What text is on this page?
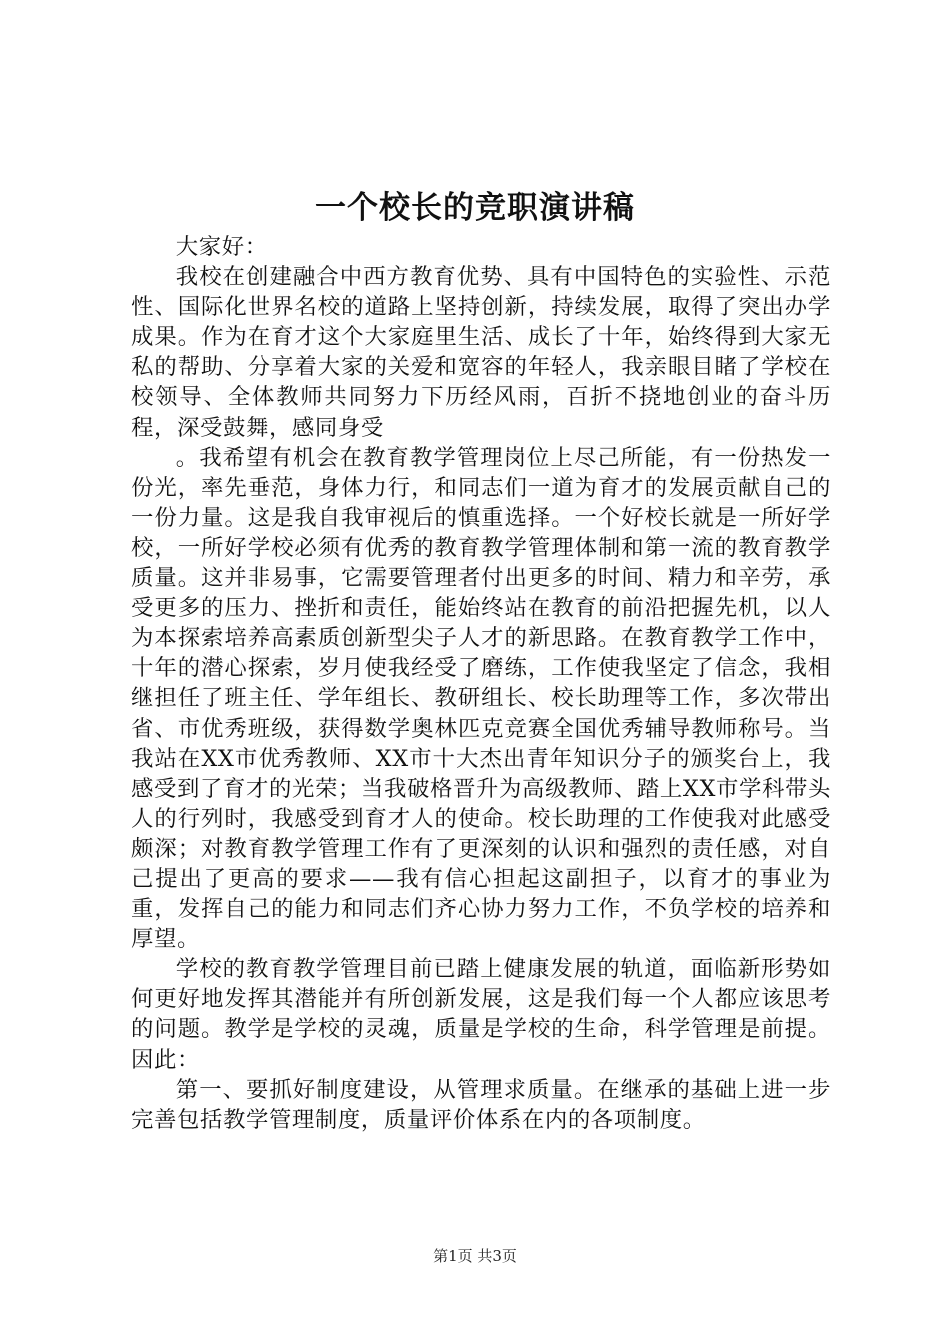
一个校长的竞职演讲稿

大家好：

我校在创建融合中西方教育优势、具有中国特色的实验性、示范性、国际化世界名校的道路上坚持创新，持续发展，取得了突出办学成果。作为在育才这个大家庭里生活、成长了十年，始终得到大家无私的帮助、分享着大家的关爱和宽容的年轻人，我亲眼目睹了学校在校领导、全体教师共同努力下历经风雨，百折不挠地创业的奋斗历程，深受鼓舞，感同身受

。我希望有机会在教育教学管理岗位上尽己所能，有一份热发一份光，率先垂范，身体力行，和同志们一道为育才的发展贡献自己的一份力量。这是我自我审视后的慎重选择。一个好校长就是一所好学校，一所好学校必须有优秀的教育教学管理体制和第一流的教育教学质量。这并非易事，它需要管理者付出更多的时间、精力和辛劳，承受更多的压力、挫折和责任，能始终站在教育的前沿把握先机，以人为本探索培养高素质创新型尖子人才的新思路。在教育教学工作中，十年的潜心探索，岁月使我经受了磨练，工作使我坚定了信念，我相继担任了班主任、学年组长、教研组长、校长助理等工作，多次带出省、市优秀班级，获得数学奥林匹克竞赛全国优秀辅导教师称号。当我站在XX市优秀教师、XX市十大杰出青年知识分子的颁奖台上，我感受到了育才的光荣；当我破格晋升为高级教师、踏上XX市学科带头人的行列时，我感受到育才人的使命。校长助理的工作使我对此感受颇深；对教育教学管理工作有了更深刻的认识和强烈的责任感，对自己提出了更高的要求——我有信心担起这副担子，以育才的事业为重，发挥自己的能力和同志们齐心协力努力工作，不负学校的培养和厚望。

学校的教育教学管理目前已踏上健康发展的轨道，面临新形势如何更好地发挥其潜能并有所创新发展，这是我们每一个人都应该思考的问题。教学是学校的灵魂，质量是学校的生命，科学管理是前提。因此：

第一、要抓好制度建设，从管理求质量。在继承的基础上进一步完善包括教学管理制度，质量评价体系在内的各项制度。

第1页 共3页
